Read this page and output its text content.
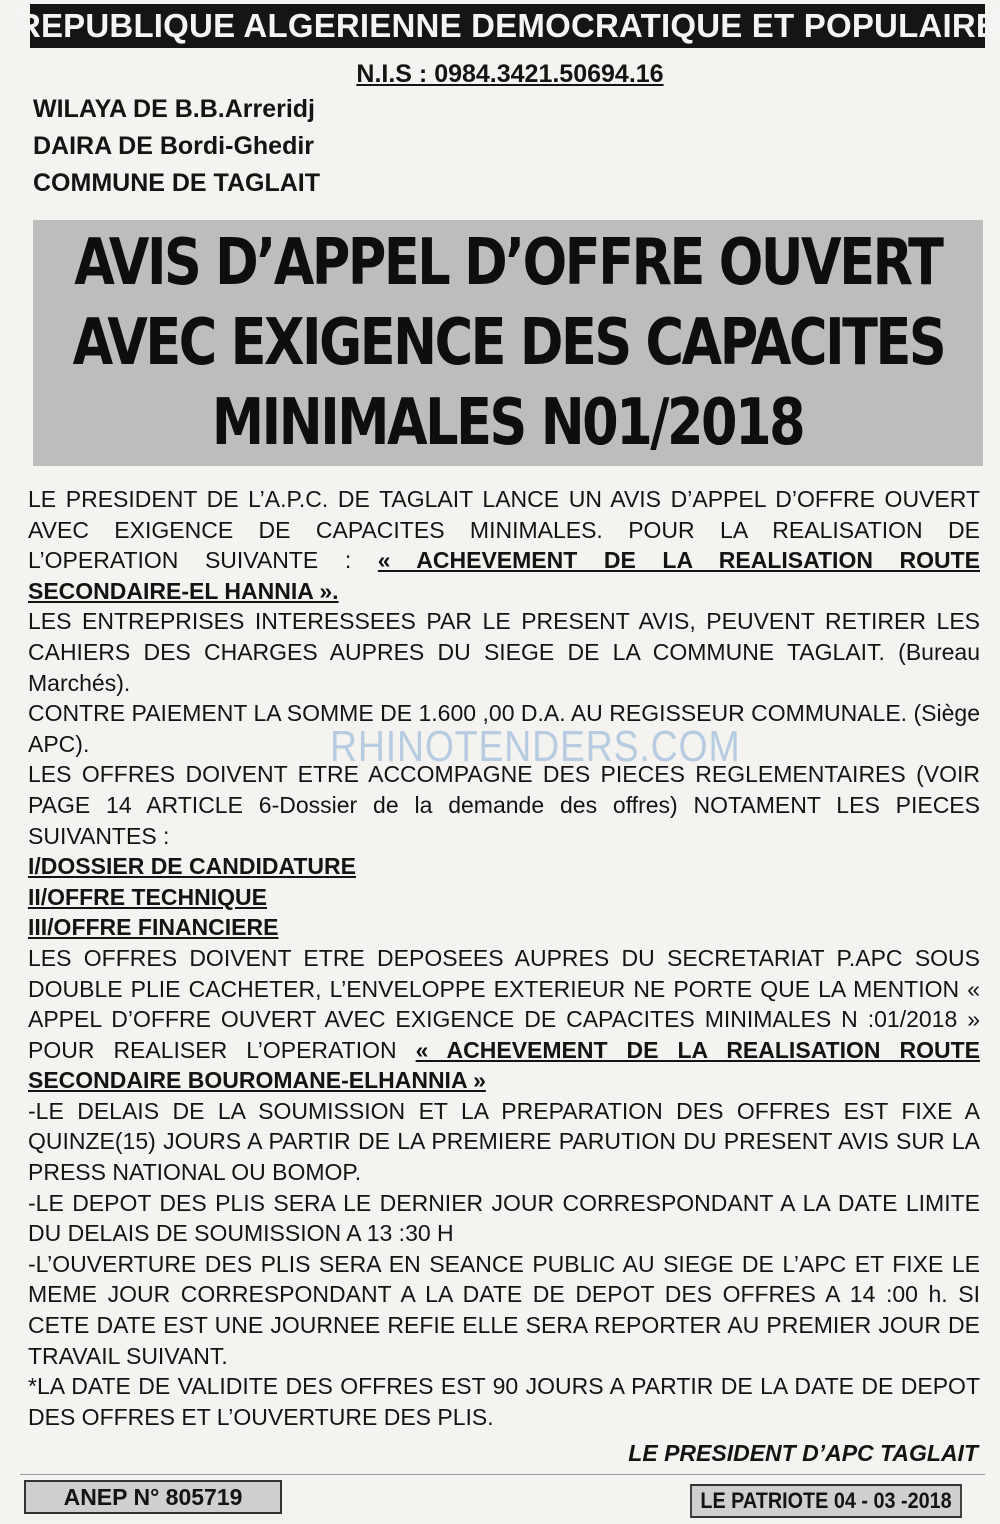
REPUBLIQUE ALGERIENNE DEMOCRATIQUE ET POPULAIRE
N.I.S : 0984.3421.50694.16
WILAYA DE B.B.Arreridj
DAIRA DE Bordi-Ghedir
COMMUNE DE TAGLAIT
AVIS D’APPEL D’OFFRE OUVERT
AVEC EXIGENCE DES CAPACITES
MINIMALES N01/2018

LE PRESIDENT DE L’A.P.C. DE TAGLAIT LANCE UN AVIS D’APPEL D’OFFRE OUVERT AVEC EXIGENCE DE CAPACITES MINIMALES. POUR LA REALISATION DE L’OPERATION SUIVANTE : « ACHEVEMENT DE LA REALISATION ROUTE SECONDAIRE-EL HANNIA ».

LES ENTREPRISES INTERESSEES PAR LE PRESENT AVIS, PEUVENT RETIRER LES CAHIERS DES CHARGES AUPRES DU SIEGE DE LA COMMUNE TAGLAIT. (Bureau Marchés).

CONTRE PAIEMENT LA SOMME DE 1.600 ,00 D.A. AU REGISSEUR COMMUNALE. (Siège APC).

LES OFFRES DOIVENT ETRE ACCOMPAGNE DES PIECES REGLEMENTAIRES (VOIR PAGE 14 ARTICLE 6-Dossier de la demande des offres) NOTAMENT LES PIECES SUIVANTES :

I/DOSSIER DE CANDIDATURE
II/OFFRE TECHNIQUE
III/OFFRE FINANCIERE

LES OFFRES DOIVENT ETRE DEPOSEES AUPRES DU SECRETARIAT P.APC SOUS DOUBLE PLIE CACHETER, L’ENVELOPPE EXTERIEUR NE PORTE QUE LA MENTION « APPEL D’OFFRE OUVERT AVEC EXIGENCE DE CAPACITES MINIMALES N :01/2018 » POUR REALISER L’OPERATION « ACHEVEMENT DE LA REALISATION ROUTE SECONDAIRE BOUROMANE-ELHANNIA »

-LE DELAIS DE LA SOUMISSION ET LA PREPARATION DES OFFRES EST FIXE A QUINZE(15) JOURS A PARTIR DE LA PREMIERE PARUTION DU PRESENT AVIS SUR LA PRESS NATIONAL OU BOMOP.

-LE DEPOT DES PLIS SERA LE DERNIER JOUR CORRESPONDANT A LA DATE LIMITE DU DELAIS DE SOUMISSION A 13 :30 H

-L’OUVERTURE DES PLIS SERA EN SEANCE PUBLIC AU SIEGE DE L’APC ET FIXE LE MEME JOUR CORRESPONDANT A LA DATE DE DEPOT DES OFFRES A 14 :00 h. SI CETE DATE EST UNE JOURNEE REFIE ELLE SERA REPORTER AU PREMIER JOUR DE TRAVAIL SUIVANT.

*LA DATE DE VALIDITE DES OFFRES EST 90 JOURS A PARTIR DE LA DATE DE DEPOT DES OFFRES ET L’OUVERTURE DES PLIS.

RHINOTENDERS.COM
LE PRESIDENT D’APC TAGLAIT
ANEP N° 805719	LE PATRIOTE 04 - 03 -2018
